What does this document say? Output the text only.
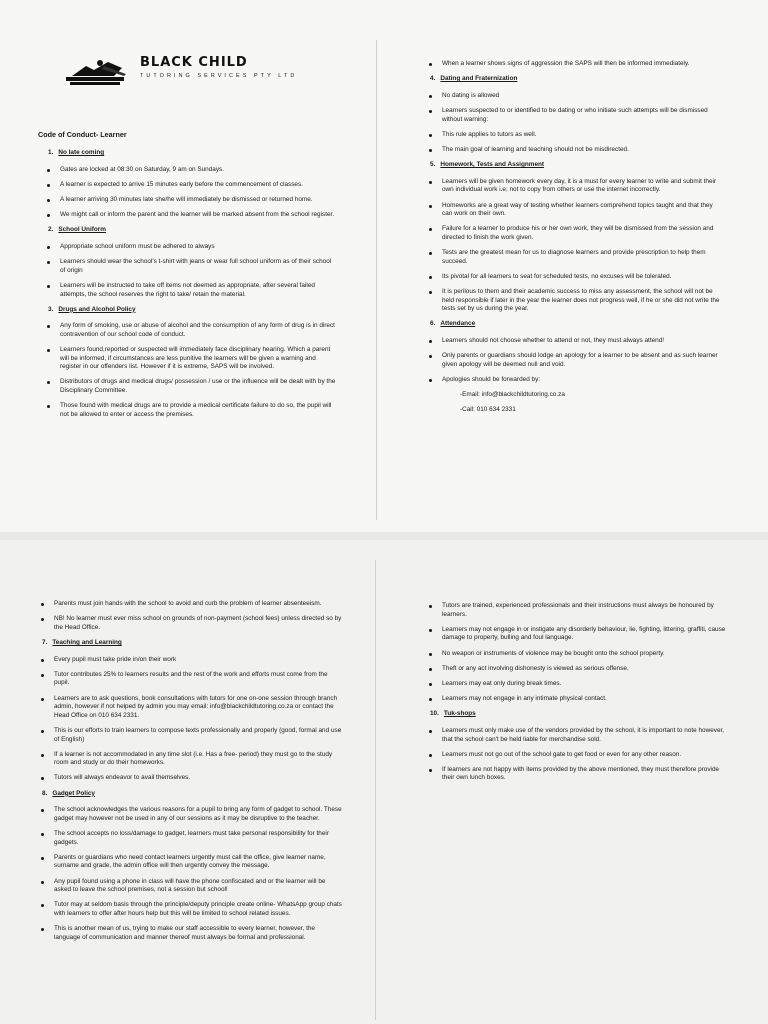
BLACK CHILD
TUTORING SERVICES PTY LTD
Code of Conduct- Learner
1. No late coming
Gates are locked at 08:30 on Saturday, 9 am on Sundays.
A learner is expected to arrive 15 minutes early before the commencement of classes.
A learner arriving 30 minutes late she/he will immediately be dismissed or returned home.
We might call or inform the parent and the learner will be marked absent from the school register.
2. School Uniform
Appropriate school uniform must be adhered to always
Learners should wear the school's t-shirt with jeans or wear full school uniform as of their school of origin
Learners will be instructed to take off items not deemed as appropriate, after several failed attempts, the school reserves the right to take/ retain the material.
3. Drugs and Alcohol Policy
Any form of smoking, use or abuse of alcohol and the consumption of any form of drug is in direct contravention of our school code of conduct.
Learners found,reported or suspected will immediately face disciplinary hearing. Which a parent will be informed, if circumstances are less punitive the learners will be given a warning and register in our offenders list. However if it is extreme, SAPS will be involved.
Distributors of drugs and medical drugs/ possession / use or the influence will be dealt with by the Disciplinary Committee.
Those found with medical drugs are to provide a medical certificate failure to do so, the pupil will not be allowed to enter or access the premises.
When a learner shows signs of aggression the SAPS will then be informed immediately.
4. Dating and Fraternization
No dating is allowed
Learners suspected to or identified to be dating or who initiate such attempts will be dismissed without warning:
This rule applies to tutors as well.
The main goal of learning and teaching should not be misdirected.
5. Homework, Tests and Assignment
Learners will be given homework every day, it is a must for every learner to write and submit their own individual work i.e; not to copy from others or use the internet incorrectly.
Homeworks are a great way of testing whether learners comprehend topics taught and that they can work on their own.
Failure for a learner to produce his or her own work, they will be dismissed from the session and directed to finish the work given.
Tests are the greatest mean for us to diagnose learners and provide prescription to help them succeed.
Its pivotal for all learners to seat for scheduled tests, no excuses will be tolerated.
It is perilous to them and their academic success to miss any assessment, the school will not be held responsible if later in the year the learner does not progress well, if he or she did not write the tests set by us during the year.
6. Attendance
Learners should not choose whether to attend or not, they must always attend!
Only parents or guardians should lodge an apology for a learner to be absent and as such learner given apology will be deemed null and void.
Apologies should be forwarded by:
-Email: info@blackchildtutoring.co.za
-Call: 010 634 2331
Parents must join hands with the school to avoid and curb the problem of learner absenteeism.
NB! No learner must ever miss school on grounds of non-payment (school fees) unless directed so by the Head Office.
7. Teaching and Learning
Every pupil must take pride in/on their work
Tutor contributes 25% to learners results and the rest of the work and efforts must come from the pupil.
Learners are to ask questions, book consultations with tutors for one on-one session through branch admin, however if not helped by admin you may email: info@blackchildtutoring.co.za or contact the Head Office on 010 634 2331.
This is our efforts to train learners to compose texts professionally and properly (good, formal and use of English)
If a learner is not accommodated in any time slot (i.e. Has a free- period) they must go to the study room and study or do their homeworks.
Tutors will always endeavor to avail themselves.
8. Gadget Policy
The school acknowledges the various reasons for a pupil to bring any form of gadget to school. These gadget may however not be used in any of our sessions as it may be disruptive to the teacher.
The school accepts no loss/damage to gadget, learners must take personal responsibility for their gadgets.
Parents or guardians who need contact learners urgently must call the office, give learner name, surname and grade, the admin office will then urgently convey the message.
Any pupil found using a phone in class will have the phone confiscated and or the learner will be asked to leave the school premises, not a session but school!
Tutor may at seldom basis through the principle/deputy principle create online- WhatsApp group chats with learners to offer after hours help but this will be limited to school related issues.
This is another mean of us, trying to make our staff accessible to every learner, however, the language of communication and manner thereof must always be formal and professional.
Tutors are trained, experienced professionals and their instructions must always be honoured by learners.
Learners may not engage in or instigate any disorderly behaviour, lie, fighting, littering, graffiti, cause damage to property, bulling and foul language.
No weapon or instruments of violence may be bought onto the school property.
Theft or any act involving dishonesty is viewed as serious offense.
Learners may eat only during break times.
Learners may not engage in any intimate physical contact.
10. Tuk-shops
Learners must only make use of the vendors provided by the school, it is important to note however, that the school can't be held liable for merchandise sold.
Learners must not go out of the school gate to get food or even for any other reason.
If learners are not happy with items provided by the above mentioned, they must therefore provide their own lunch boxes.
